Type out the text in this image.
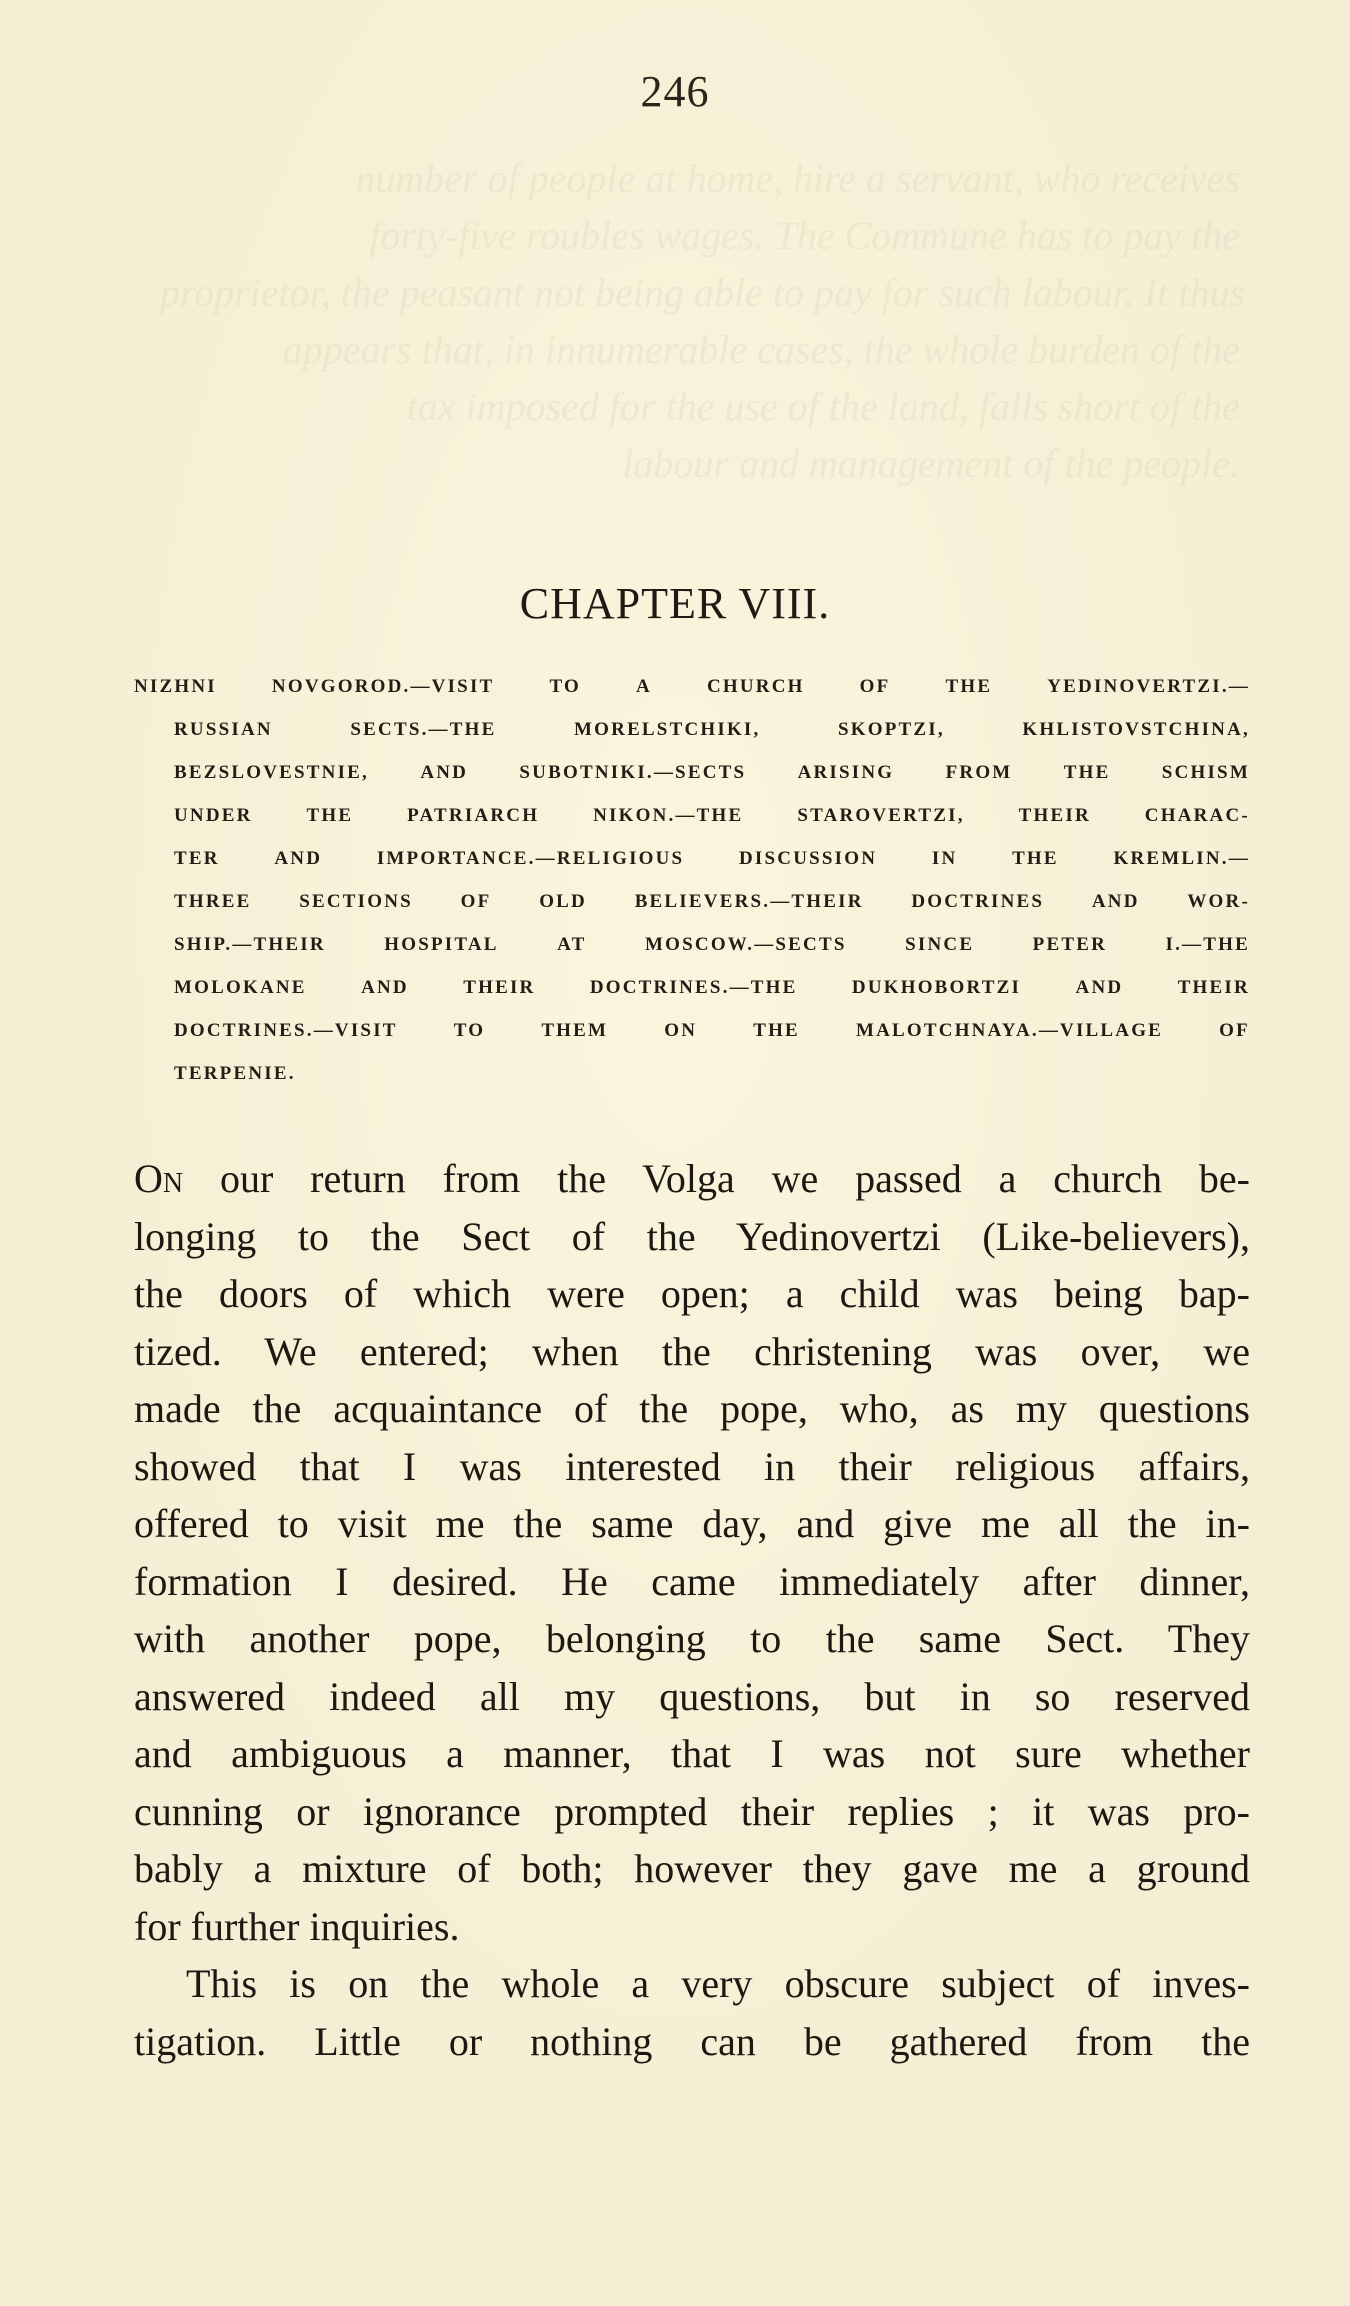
number of people at home, hire a servant, who receives
forty-five roubles wages. The Commune has to pay the
proprietor, the peasant not being able to pay for such labour. It thus
appears that, in innumerable cases, the whole burden of the
tax imposed for the use of the land, falls short of the
labour and management of the people.
246
CHAPTER VIII.
NIZHNI	NOVGOROD.—VISIT	TO	A	CHURCH	OF	THE	YEDINOVERTZI.—
RUSSIAN	SECTS.—THE	MORELSTCHIKI,	SKOPTZI,	KHLISTOVSTCHINA,
BEZSLOVESTNIE,	AND	SUBOTNIKI.—SECTS	ARISING	FROM	THE	SCHISM
UNDER	THE	PATRIARCH	NIKON.—THE	STAROVERTZI,	THEIR	CHARAC-
TER	AND	IMPORTANCE.—RELIGIOUS	DISCUSSION	IN	THE	KREMLIN.—
THREE	SECTIONS	OF	OLD	BELIEVERS.—THEIR	DOCTRINES	AND	WOR-
SHIP.—THEIR	HOSPITAL	AT	MOSCOW.—SECTS	SINCE	PETER	I.—THE
MOLOKANE	AND	THEIR	DOCTRINES.—THE	DUKHOBORTZI	AND	THEIR
DOCTRINES.—VISIT	TO	THEM	ON	THE	MALOTCHNAYA.—VILLAGE	OF
TERPENIE.
On our return from the Volga we passed a church be-
longing to the Sect of the Yedinovertzi (Like-believers),
the doors of which were open; a child was being bap-
tized. We entered; when the christening was over, we
made the acquaintance of the pope, who, as my questions
showed that I was interested in their religious affairs,
offered to visit me the same day, and give me all the in-
formation I desired. He came immediately after dinner,
with another pope, belonging to the same Sect. They
answered indeed all my questions, but in so reserved
and ambiguous a manner, that I was not sure whether
cunning or ignorance prompted their replies ; it was pro-
bably a mixture of both; however they gave me a ground
for further inquiries.
This is on the whole a very obscure subject of inves-
tigation. Little or nothing can be gathered from the
